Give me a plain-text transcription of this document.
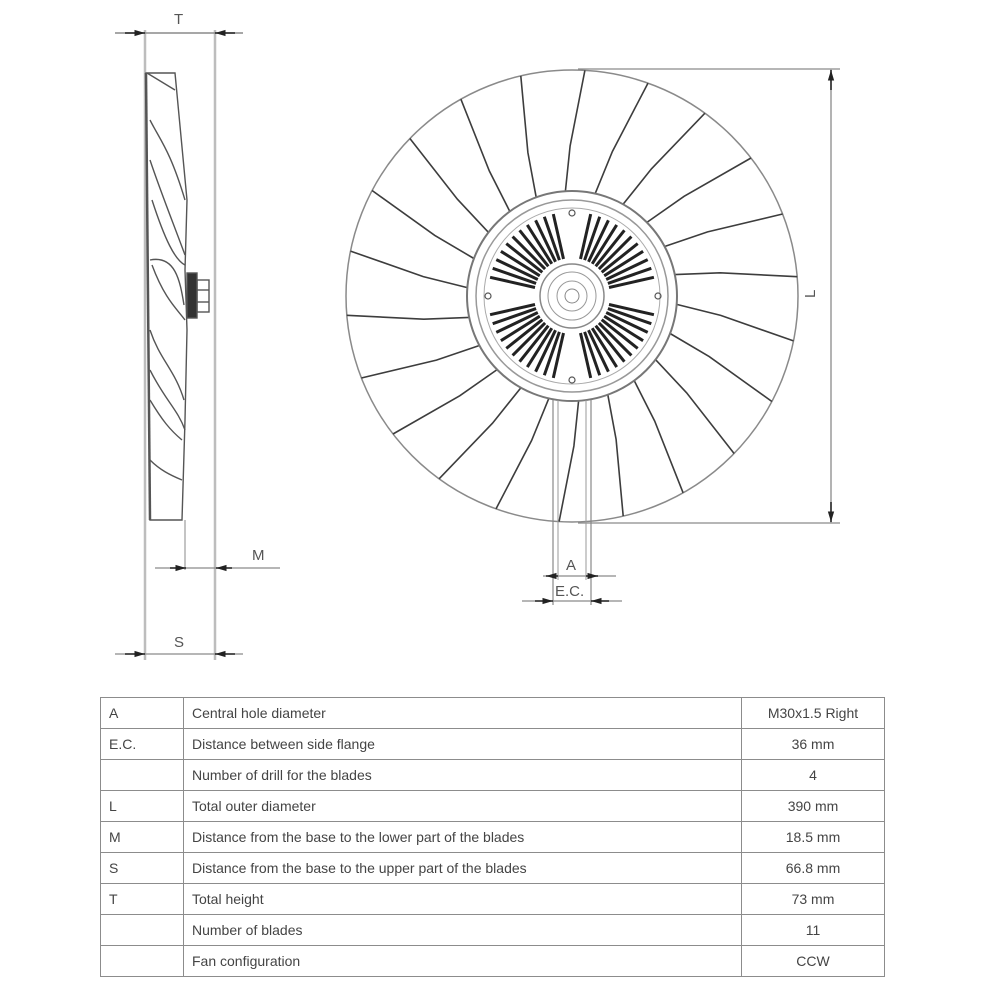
T
M
S
L
A
E.C.
A	Central hole diameter	M30x1.5 Right
E.C.	Distance between side flange	36 mm
	Number of drill for the blades	4
L	Total outer diameter	390 mm
M	Distance from the base to the lower part of the blades	18.5 mm
S	Distance from the base to the upper part of the blades	66.8 mm
T	Total height	73 mm
	Number of blades	11
	Fan configuration	CCW
